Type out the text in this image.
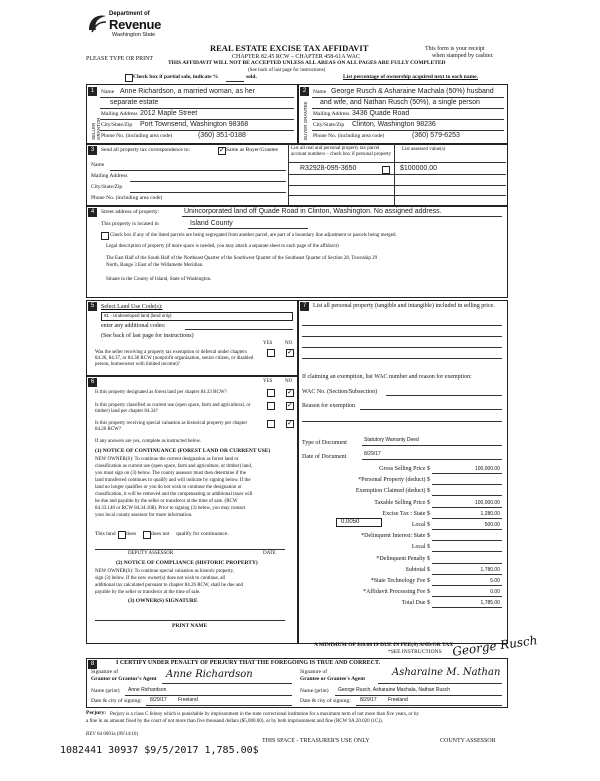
Department of
Revenue
Washington State
REAL ESTATE EXCISE TAX AFFIDAVIT
CHAPTER 82.45 RCW – CHAPTER 458-61A WAC
THIS AFFIDAVIT WILL NOT BE ACCEPTED UNLESS ALL AREAS ON ALL PAGES ARE FULLY COMPLETED
(See back of last page for instructions)
PLEASE TYPE OR PRINT
This form is your receipt
when stamped by cashier.
Check box if partial sale, indicate %	sold.	List percentage of ownership acquired next to each name.
1	2
SELLER GRANTOR	BUYER GRANTEE
Name Anne Richardson, a married woman, as her
separate estate
Mailing Address 2012 Maple Street
City/State/Zip Port Townsend, Washington 98368
Phone No. (including area code)	(360) 351-0188
Name George Rusch & Asharaine Machala (50%) husband
and wife, and Nathan Rusch (50%), a single person
Mailing Address 3436 Quade Road
City/State/Zip Clinton, Washington 98236
Phone No. (including area code)	(360) 579-6253
3	Send all property tax correspondence to:
✓	Same as Buyer/Grantee
Name
Mailing Address
City/State/Zip
Phone No. (including area code)
List all real and personal property tax parcel account numbers – check box if personal property
List assessed value(s)
R32928-095-3650	$100000.00
4	Street address of property:	Unincorporated land off Quade Road in Clinton, Washington. No assigned address.
This property is located in	Island County
Check box if any of the listed parcels are being segregated from another parcel, are part of a boundary line adjustment or parcels being merged.
Legal description of property (if more space is needed, you may attach a separate sheet to each page of the affidavit)
The East Half of the South Half of the Northeast Quarter of the Southwest Quarter of the Southeast Quarter of Section 28, Township 29
North, Range 3 East of the Willamette Meridian.
Situate in the County of Island, State of Washington.
5	Select Land Use Code(s):
91 - Undeveloped land (land only)
enter any additional codes:
(See back of last page for instructions)
YES	NO
Was the seller receiving a property tax exemption or deferral under chapters 84.36, 84.37, or 84.38 RCW (nonprofit organization, senior citizen, or disabled person, homeowner with limited income)?
✓
6	YES	NO
Is this property designated as forest land per chapter 84.33 RCW?
✓
Is this property classified as current use (open space, farm and agricultural, or timber) land per chapter 84.34?
✓
Is this property receiving special valuation as historical property per chapter 84.26 RCW?
✓
If any answers are yes, complete as instructed below.
(1) NOTICE OF CONTINUANCE (FOREST LAND OR CURRENT USE)
NEW OWNER(S): To continue the current designation as forest land or
classification as current use (open space, farm and agriculture, or timber) land,
you must sign on (3) below. The county assessor must then determine if the
land transferred continues to qualify and will indicate by signing below. If the
land no longer qualifies or you do not wish to continue the designation or
classification, it will be removed and the compensating or additional taxes will
be due and payable by the seller or transferor at the time of sale. (RCW
84.33.140 or RCW 84.34.108). Prior to signing (3) below, you may contact
your local county assessor for more information.
This land does	does not qualify for continuance.
DEPUTY ASSESSOR	DATE
(2) NOTICE OF COMPLIANCE (HISTORIC PROPERTY)
NEW OWNER(S): To continue special valuation as historic property,
sign (3) below. If the new owner(s) does not wish to continue, all
additional tax calculated pursuant to chapter 84.26 RCW, shall be due and
payable by the seller or transferor at the time of sale.
(3) OWNER(S) SIGNATURE
PRINT NAME
7	List all personal property (tangible and intangible) included in selling price.
If claiming an exemption, list WAC number and reason for exemption:
WAC No. (Section/Subsection)
Reason for exemption
Type of Document	Statutory Warranty Deed
Date of Document	8/29/17
Gross Selling Price $	100,000.00
*Personal Property (deduct) $
Exemption Claimed (deduct) $
Taxable Selling Price $	100,000.00
Excise Tax : State $	1,280.00
Local $	500.00
*Delinquent Interest: State $
Local $
*Delinquent Penalty $
Subtotal $	1,780.00
*State Technology Fee $	5.00
*Affidavit Processing Fee $	0.00
Total Due $	1,785.00
0.0050
A MINIMUM OF $10.00 IS DUE IN FEE(S) AND/OR TAX
*SEE INSTRUCTIONS
8	I CERTIFY UNDER PENALTY OF PERJURY THAT THE FOREGOING IS TRUE AND CORRECT.
Signature of
Grantor or Grantor's Agent Anne Richardson
Name (print) Anne Richardson
Date & city of signing: 8/29/17 Freeland
Signature of
Grantee or Grantee's Agent
George Rusch
Asharaine M. Nathan
Name (print) George Rusch, Asharaine Machala, Nathan Rusch
Date & city of signing: 8/29/17 Freeland
Perjury: Perjury is a class C felony which is punishable by imprisonment in the state correctional institution for a maximum term of not more than five years, or by
a fine in an amount fixed by the court of not more than five thousand dollars ($5,000.00), or by both imprisonment and fine (RCW 9A.20.020 (1C)).
REV 84 0001a (09/14/16)
THIS SPACE - TREASURER'S USE ONLY	COUNTY ASSESSOR
1082441 30937 $9/5/2017 1,785.00$
